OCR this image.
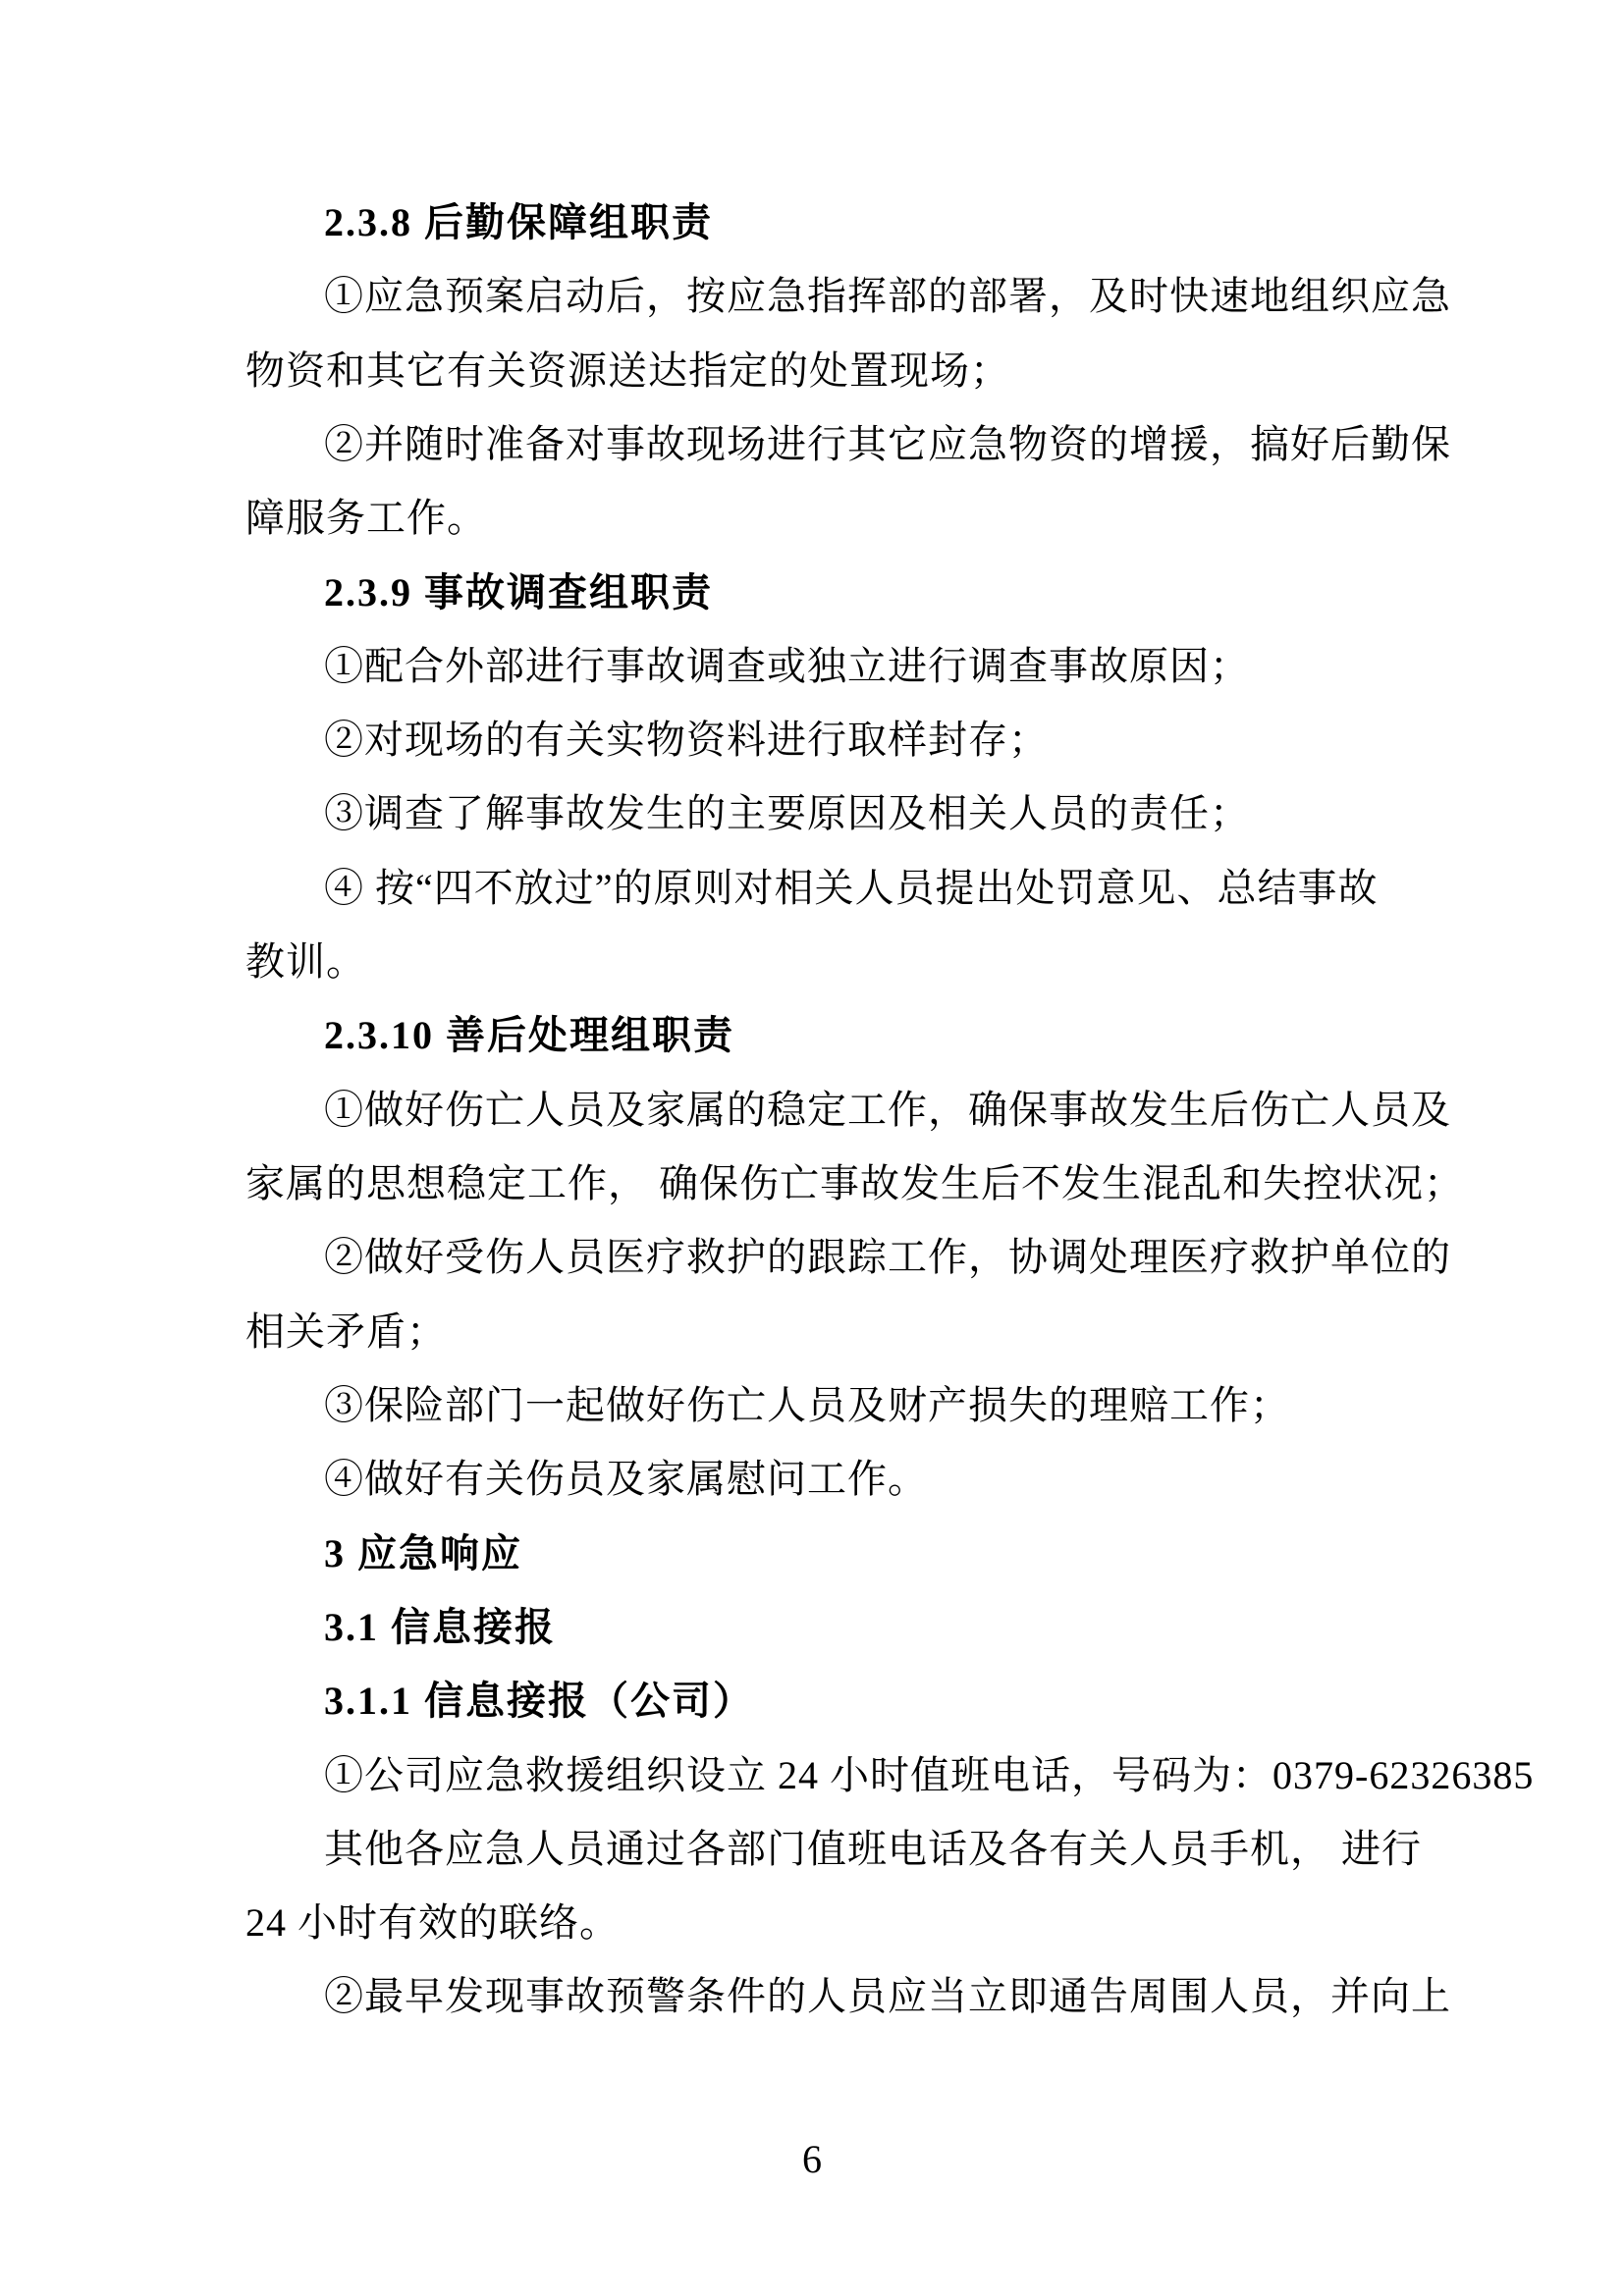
2.3.8 后勤保障组职责
①应急预案启动后，按应急指挥部的部署，及时快速地组织应急
物资和其它有关资源送达指定的处置现场；
②并随时准备对事故现场进行其它应急物资的增援，搞好后勤保
障服务工作。
2.3.9 事故调查组职责
①配合外部进行事故调查或独立进行调查事故原因；
②对现场的有关实物资料进行取样封存；
③调查了解事故发生的主要原因及相关人员的责任；
④ 按“四不放过”的原则对相关人员提出处罚意见、总结事故
教训。
2.3.10 善后处理组职责
①做好伤亡人员及家属的稳定工作，确保事故发生后伤亡人员及
家属的思想稳定工作， 确保伤亡事故发生后不发生混乱和失控状况；
②做好受伤人员医疗救护的跟踪工作，协调处理医疗救护单位的
相关矛盾；
③保险部门一起做好伤亡人员及财产损失的理赔工作；
④做好有关伤员及家属慰问工作。
3 应急响应
3.1 信息接报
3.1.1 信息接报（公司）
①公司应急救援组织设立 24 小时值班电话，号码为：0379-62326385
其他各应急人员通过各部门值班电话及各有关人员手机， 进行
24 小时有效的联络。
②最早发现事故预警条件的人员应当立即通告周围人员，并向上
6
